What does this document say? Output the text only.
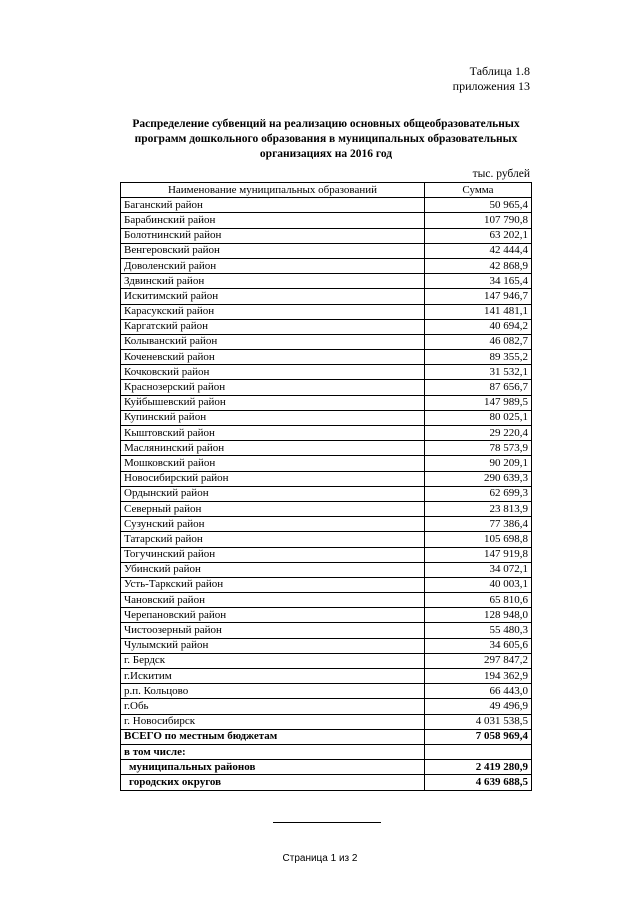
Таблица 1.8
приложения 13
Распределение субвенций на реализацию основных общеобразовательных
программ дошкольного образования в муниципальных образовательных
организациях на 2016 год
тыс. рублей
Наименование муниципальных образований	Сумма
Баганский район	50 965,4
Барабинский район	107 790,8
Болотнинский район	63 202,1
Венгеровский район	42 444,4
Доволенский район	42 868,9
Здвинский район	34 165,4
Искитимский район	147 946,7
Карасукский район	141 481,1
Каргатский район	40 694,2
Колыванский район	46 082,7
Коченевский район	89 355,2
Кочковский район	31 532,1
Краснозерский район	87 656,7
Куйбышевский район	147 989,5
Купинский район	80 025,1
Кыштовский район	29 220,4
Маслянинский район	78 573,9
Мошковский район	90 209,1
Новосибирский район	290 639,3
Ордынский район	62 699,3
Северный район	23 813,9
Сузунский район	77 386,4
Татарский район	105 698,8
Тогучинский район	147 919,8
Убинский район	34 072,1
Усть-Таркский район	40 003,1
Чановский район	65 810,6
Черепановский район	128 948,0
Чистоозерный район	55 480,3
Чулымский район	34 605,6
г. Бердск	297 847,2
г.Искитим	194 362,9
р.п. Кольцово	66 443,0
г.Обь	49 496,9
г. Новосибирск	4 031 538,5
ВСЕГО по местным бюджетам	7 058 969,4
в том числе:	
муниципальных районов	2 419 280,9
городских округов	4 639 688,5
Страница 1 из 2
